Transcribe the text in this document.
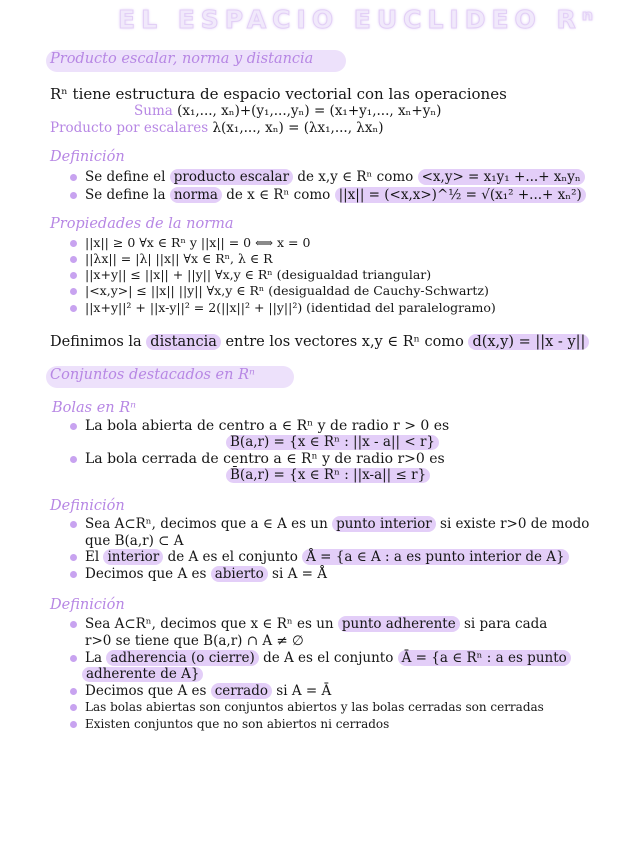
EL ESPACIO EUCLIDEO Rⁿ
Producto escalar, norma y distancia
Rⁿ tiene estructura de espacio vectorial con las operaciones
Suma (x₁,..., xₙ)+(y₁,...,yₙ) = (x₁+y₁,..., xₙ+yₙ)
Producto por escalares λ(x₁,..., xₙ) = (λx₁,..., λxₙ)
Definición
Se define el producto escalar de x,y ∈ Rⁿ como <x,y> = x₁y₁ +...+ xₙyₙ
Se define la norma de x ∈ Rⁿ como ||x|| = (<x,x>)^½ = √(x₁² +...+ xₙ²)
Propiedades de la norma
||x|| ≥ 0 ∀x ∈ Rⁿ y ||x|| = 0 ⟺ x = 0
||λx|| = |λ| ||x|| ∀x ∈ Rⁿ, λ ∈ R
||x+y|| ≤ ||x|| + ||y|| ∀x,y ∈ Rⁿ (desigualdad triangular)
|<x,y>| ≤ ||x|| ||y|| ∀x,y ∈ Rⁿ (desigualdad de Cauchy-Schwartz)
||x+y||² + ||x-y||² = 2(||x||² + ||y||²) (identidad del paralelogramo)
Definimos la distancia entre los vectores x,y ∈ Rⁿ como d(x,y) = ||x - y||
Conjuntos destacados en Rⁿ
Bolas en Rⁿ
La bola abierta de centro a ∈ Rⁿ y de radio r > 0 es
B(a,r) = {x ∈ Rⁿ : ||x - a|| < r}
La bola cerrada de centro a ∈ Rⁿ y de radio r>0 es
B̄(a,r) = {x ∈ Rⁿ : ||x-a|| ≤ r}
Definición
Sea A⊂Rⁿ, decimos que a ∈ A es un punto interior si existe r>0 de modo
que B(a,r) ⊂ A
El interior de A es el conjunto Å = {a ∈ A : a es punto interior de A}
Decimos que A es abierto si A = Å
Definición
Sea A⊂Rⁿ, decimos que x ∈ Rⁿ es un punto adherente si para cada
r>0 se tiene que B(a,r) ∩ A ≠ ∅
La adherencia (o cierre) de A es el conjunto Ā = {a ∈ Rⁿ : a es punto
adherente de A}
Decimos que A es cerrado si A = Ā
Las bolas abiertas son conjuntos abiertos y las bolas cerradas son cerradas
Existen conjuntos que no son abiertos ni cerrados
